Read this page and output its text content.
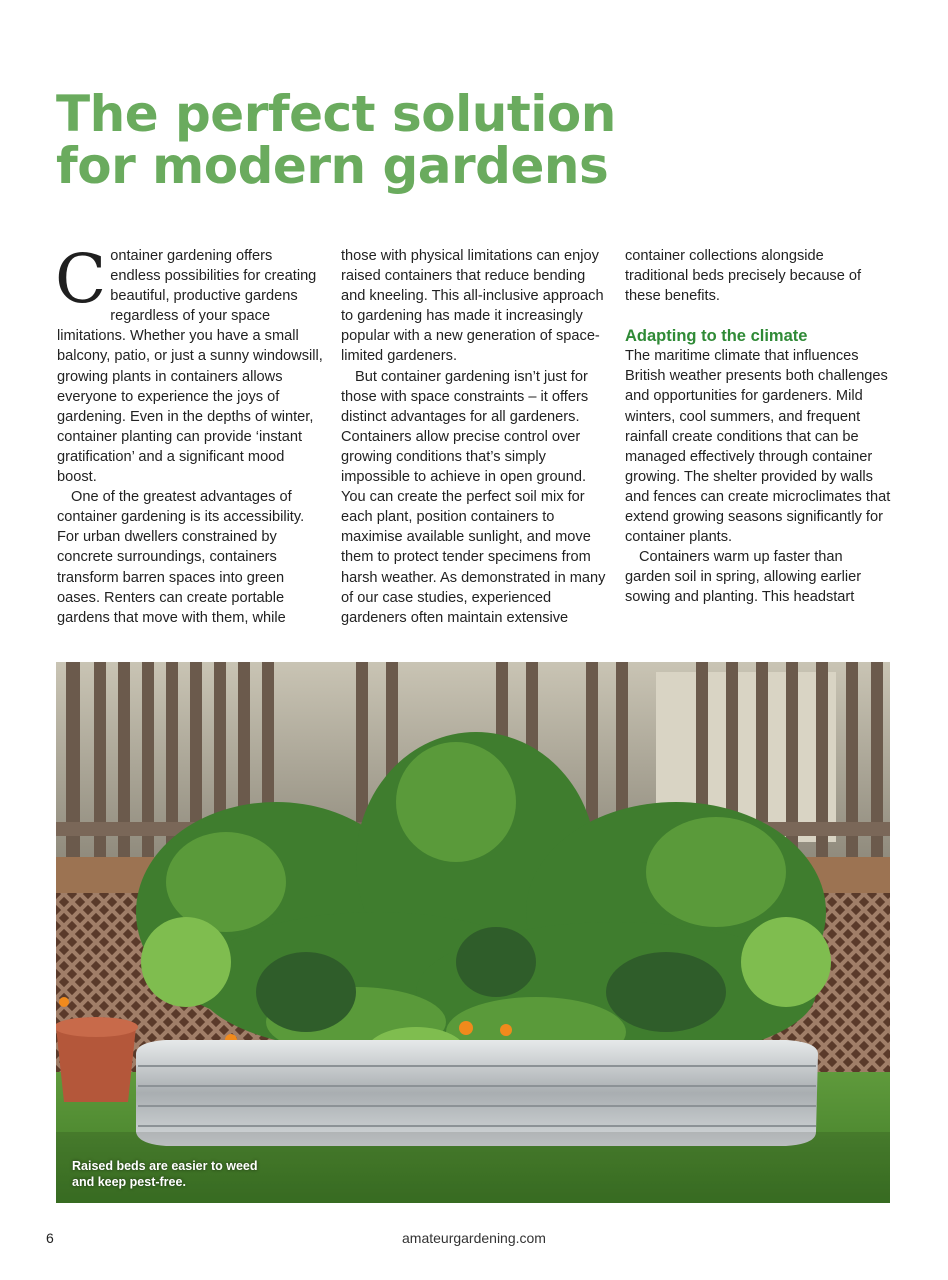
The perfect solution
for modern gardens

Container gardening offers endless possibilities for creating beautiful, productive gardens regardless of your space limitations. Whether you have a small balcony, patio, or just a sunny windowsill, growing plants in containers allows everyone to experience the joys of gardening. Even in the depths of winter, container planting can provide ‘instant gratification’ and a significant mood boost.

One of the greatest advantages of container gardening is its accessibility. For urban dwellers constrained by concrete surroundings, containers transform barren spaces into green oases. Renters can create portable gardens that move with them, while

those with physical limitations can enjoy raised containers that reduce bending and kneeling. This all-inclusive approach to gardening has made it increasingly popular with a new generation of space-limited gardeners.

But container gardening isn’t just for those with space constraints – it offers distinct advantages for all gardeners. Containers allow precise control over growing conditions that’s simply impossible to achieve in open ground. You can create the perfect soil mix for each plant, position containers to maximise available sunlight, and move them to protect tender specimens from harsh weather. As demonstrated in many of our case studies, experienced gardeners often maintain extensive

container collections alongside traditional beds precisely because of these benefits.

Adapting to the climate

The maritime climate that influences British weather presents both challenges and opportunities for gardeners. Mild winters, cool summers, and frequent rainfall create conditions that can be managed effectively through container growing. The shelter provided by walls and fences can create microclimates that extend growing seasons significantly for container plants.

Containers warm up faster than garden soil in spring, allowing earlier sowing and planting. This headstart

Raised beds are easier to weed and keep pest-free.
6	amateurgardening.com
